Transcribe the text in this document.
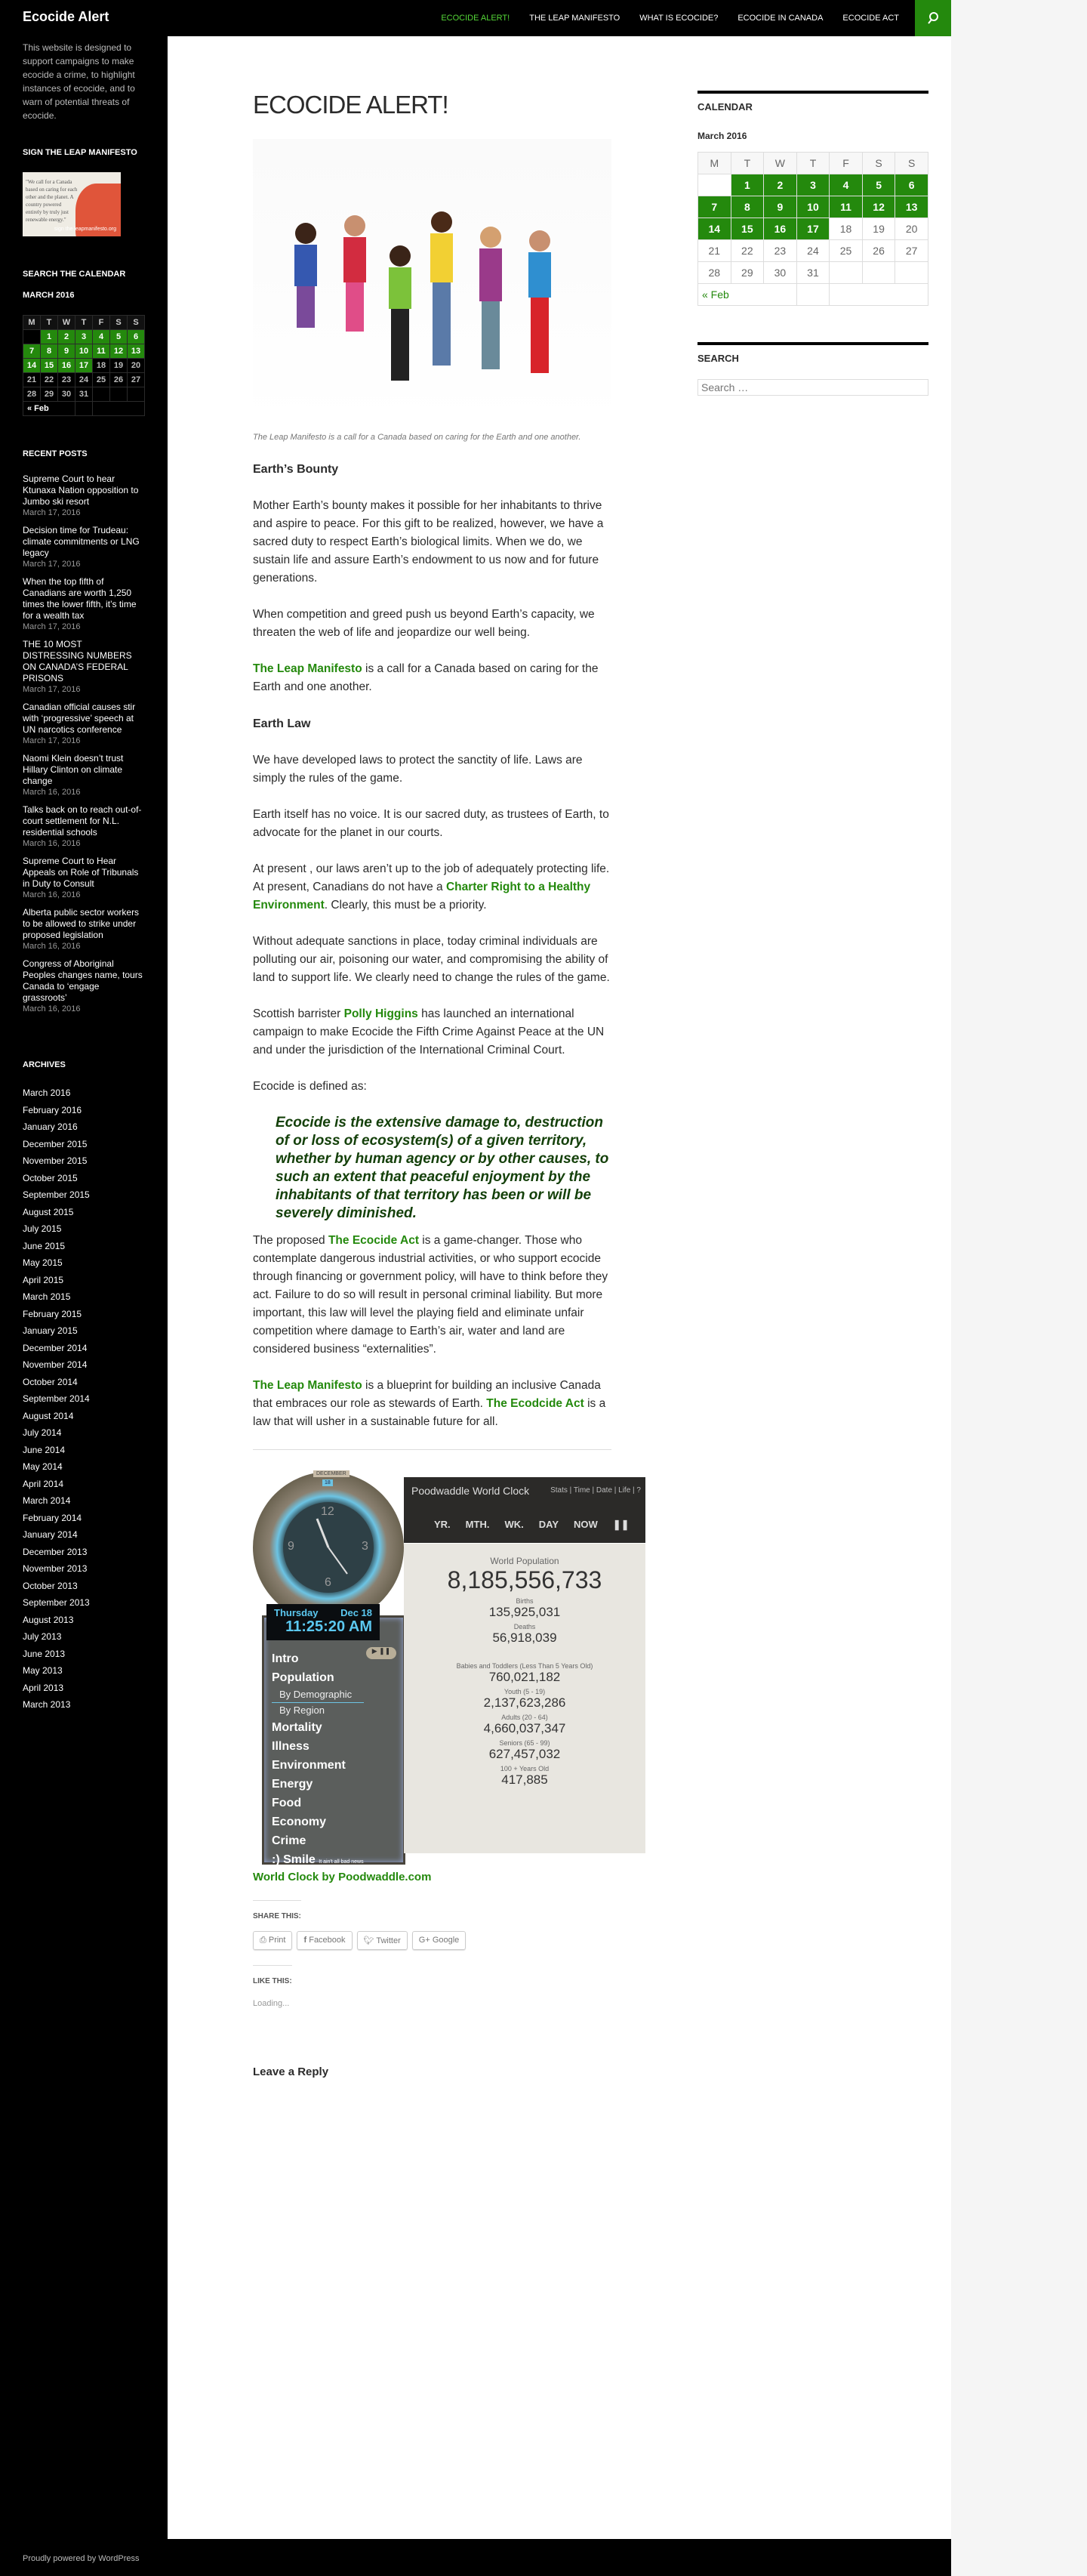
Ecocide Alert	ECOCIDE ALERT!	THE LEAP MANIFESTO	WHAT IS ECOCIDE?	ECOCIDE IN CANADA	ECOCIDE ACT

This website is designed to support campaigns to make ecocide a crime, to highlight instances of ecocide, and to warn of potential threats of ecocide.

SIGN THE LEAP MANIFESTO
"We call for a Canada based on caring for each other and the planet. A country powered entirely by truly just renewable energy."
sign the leapmanifesto.org
SEARCH THE CALENDAR
MARCH 2016
M	T	W	T	F	S	S
	1	2	3	4	5	6
7	8	9	10	11	12	13
14	15	16	17	18	19	20
21	22	23	24	25	26	27
28	29	30	31			
« Feb						
RECENT POSTS
Supreme Court to hear Ktunaxa Nation opposition to Jumbo ski resort
March 17, 2016
Decision time for Trudeau: climate commitments or LNG legacy
March 17, 2016
When the top fifth of Canadians are worth 1,250 times the lower fifth, it’s time for a wealth tax
March 17, 2016
THE 10 MOST DISTRESSING NUMBERS ON CANADA’S FEDERAL PRISONS
March 17, 2016
Canadian official causes stir with ‘progressive’ speech at UN narcotics conference
March 17, 2016
Naomi Klein doesn’t trust Hillary Clinton on climate change
March 16, 2016
Talks back on to reach out-of-court settlement for N.L. residential schools
March 16, 2016
Supreme Court to Hear Appeals on Role of Tribunals in Duty to Consult
March 16, 2016
Alberta public sector workers to be allowed to strike under proposed legislation
March 16, 2016
Congress of Aboriginal Peoples changes name, tours Canada to ‘engage grassroots’
March 16, 2016
ARCHIVES
March 2016
February 2016
January 2016
December 2015
November 2015
October 2015
September 2015
August 2015
July 2015
June 2015
May 2015
April 2015
March 2015
February 2015
January 2015
December 2014
November 2014
October 2014
September 2014
August 2014
July 2014
June 2014
May 2014
April 2014
March 2014
February 2014
January 2014
December 2013
November 2013
October 2013
September 2013
August 2013
July 2013
June 2013
May 2013
April 2013
March 2013
ECOCIDE ALERT!

The Leap Manifesto is a call for a Canada based on caring for the Earth and one another.

Earth’s Bounty

Mother Earth’s bounty makes it possible for her inhabitants to thrive and aspire to peace. For this gift to be realized, however, we have a sacred duty to respect Earth’s biological limits. When we do, we sustain life and assure Earth’s endowment to us now and for future generations.

When competition and greed push us beyond Earth’s capacity, we threaten the web of life and jeopardize our well being.

The Leap Manifesto is a call for a Canada based on caring for the Earth and one another.

Earth Law

We have developed laws to protect the sanctity of life. Laws are simply the rules of the game.

Earth itself has no voice. It is our sacred duty, as trustees of Earth, to advocate for the planet in our courts.

At present , our laws aren’t up to the job of adequately protecting life. At present, Canadians do not have a Charter Right to a Healthy Environment. Clearly, this must be a priority.

Without adequate sanctions in place, today criminal individuals are polluting our air, poisoning our water, and compromising the ability of land to support life. We clearly need to change the rules of the game.

Scottish barrister Polly Higgins has launched an international campaign to make Ecocide the Fifth Crime Against Peace at the UN and under the jurisdiction of the International Criminal Court.

Ecocide is defined as:

Ecocide is the extensive damage to, destruction of or loss of ecosystem(s) of a given territory, whether by human agency or by other causes, to such an extent that peaceful enjoyment by the inhabitants of that territory has been or will be severely diminished.

The proposed The Ecocide Act is a game-changer. Those who contemplate dangerous industrial activities, or who support ecocide through financing or government policy, will have to think before they act. Failure to do so will result in personal criminal liability. But more important, this law will level the playing field and eliminate unfair competition where damage to Earth’s air, water and land are considered business “externalities”.

The Leap Manifesto is a blueprint for building an inclusive Canada that embraces our role as stewards of Earth. The Ecodcide Act is a law that will usher in a sustainable future for all.

DECEMBER
18
12
3
6
9
Thursday Dec 18
11:25:20 AM
▶ ❚❚
Intro
Population
By Demographic
By Region
Mortality
Illness
Environment
Energy
Food
Economy
Crime
:) Smile It ain't all bad news
Poodwaddle World Clock	Stats | Time | Date | Life | ?
YR. MTH. WK. DAY NOW ❚❚
World Population
8,185,556,733
Births
135,925,031
Deaths
56,918,039
Babies and Toddlers (Less Than 5 Years Old)
760,021,182
Youth (5 - 19)
2,137,623,286
Adults (20 - 64)
4,660,037,347
Seniors (65 - 99)
627,457,032
100 + Years Old
417,885
World Clock by Poodwaddle.com
SHARE THIS:
⎙ Print	f Facebook	🐦︎ Twitter	G+ Google
LIKE THIS:
Loading...
Leave a Reply
CALENDAR
March 2016
M	T	W	T	F	S	S
	1	2	3	4	5	6
7	8	9	10	11	12	13
14	15	16	17	18	19	20
21	22	23	24	25	26	27
28	29	30	31			
« Feb						
SEARCH
Search …
Proudly powered by WordPress
